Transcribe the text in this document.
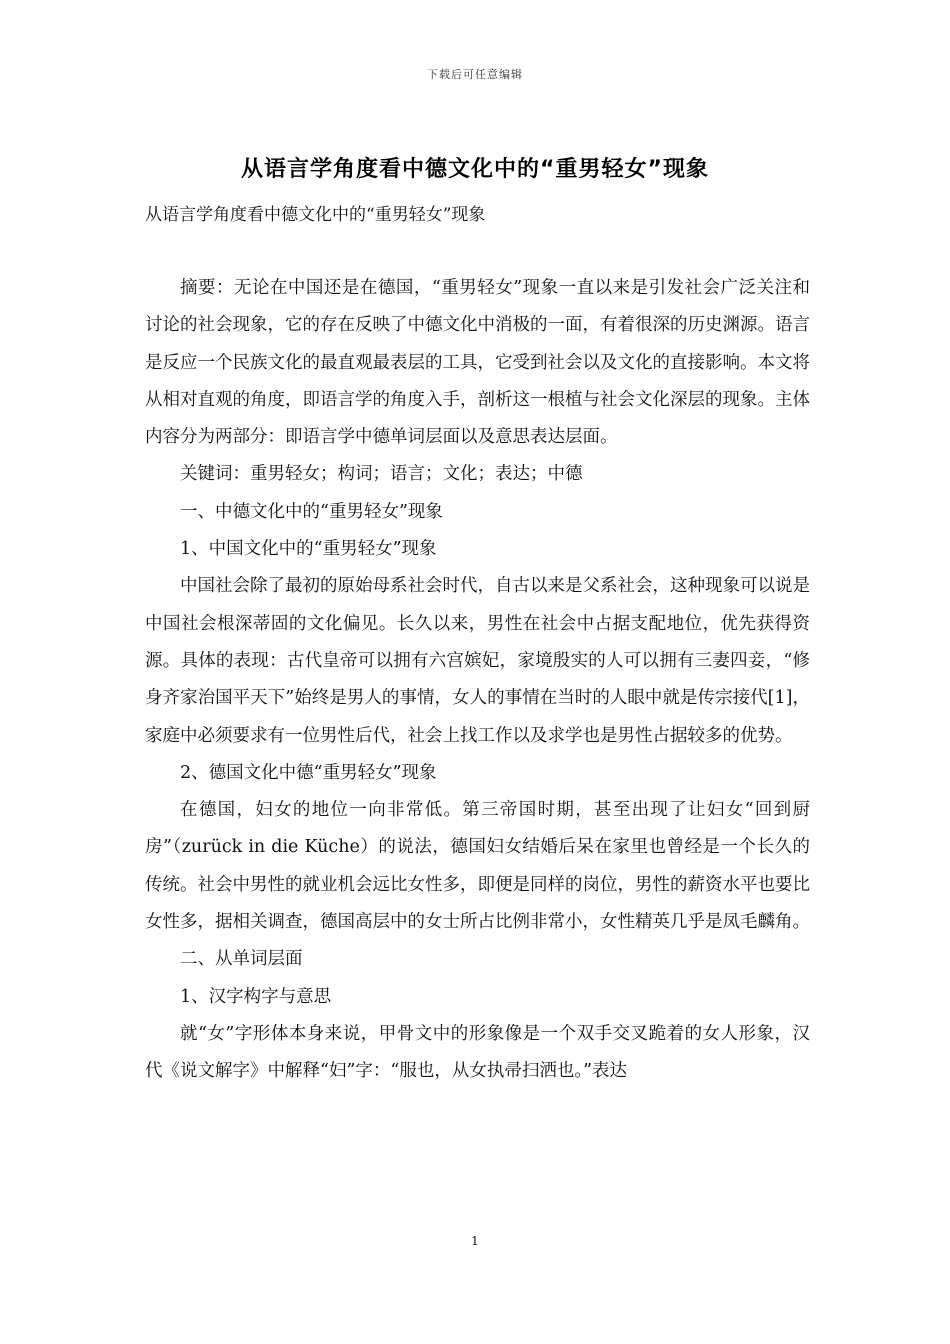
下载后可任意编辑
从语言学角度看中德文化中的“重男轻女”现象
从语言学角度看中德文化中的“重男轻女”现象

摘要：无论在中国还是在德国，“重男轻女”现象一直以来是引发社会广泛关注和讨论的社会现象，它的存在反映了中德文化中消极的一面，有着很深的历史渊源。语言是反应一个民族文化的最直观最表层的工具，它受到社会以及文化的直接影响。本文将从相对直观的角度，即语言学的角度入手，剖析这一根植与社会文化深层的现象。主体内容分为两部分：即语言学中德单词层面以及意思表达层面。

关键词：重男轻女；构词；语言；文化；表达；中德

一、中德文化中的“重男轻女”现象

1、中国文化中的“重男轻女”现象

中国社会除了最初的原始母系社会时代，自古以来是父系社会，这种现象可以说是中国社会根深蒂固的文化偏见。长久以来，男性在社会中占据支配地位，优先获得资源。具体的表现：古代皇帝可以拥有六宫嫔妃，家境殷实的人可以拥有三妻四妾，“修身齐家治国平天下”始终是男人的事情，女人的事情在当时的人眼中就是传宗接代[1]，家庭中必须要求有一位男性后代，社会上找工作以及求学也是男性占据较多的优势。

2、德国文化中德“重男轻女”现象

在德国，妇女的地位一向非常低。第三帝国时期，甚至出现了让妇女“回到厨房”（zurück in die Küche）的说法，德国妇女结婚后呆在家里也曾经是一个长久的传统。社会中男性的就业机会远比女性多，即便是同样的岗位，男性的薪资水平也要比女性多，据相关调查，德国高层中的女士所占比例非常小，女性精英几乎是凤毛麟角。

二、从单词层面

1、汉字构字与意思

就“女”字形体本身来说，甲骨文中的形象像是一个双手交叉跪着的女人形象，汉代《说文解字》中解释“妇”字：“服也，从女执帚扫洒也。”表达

1
